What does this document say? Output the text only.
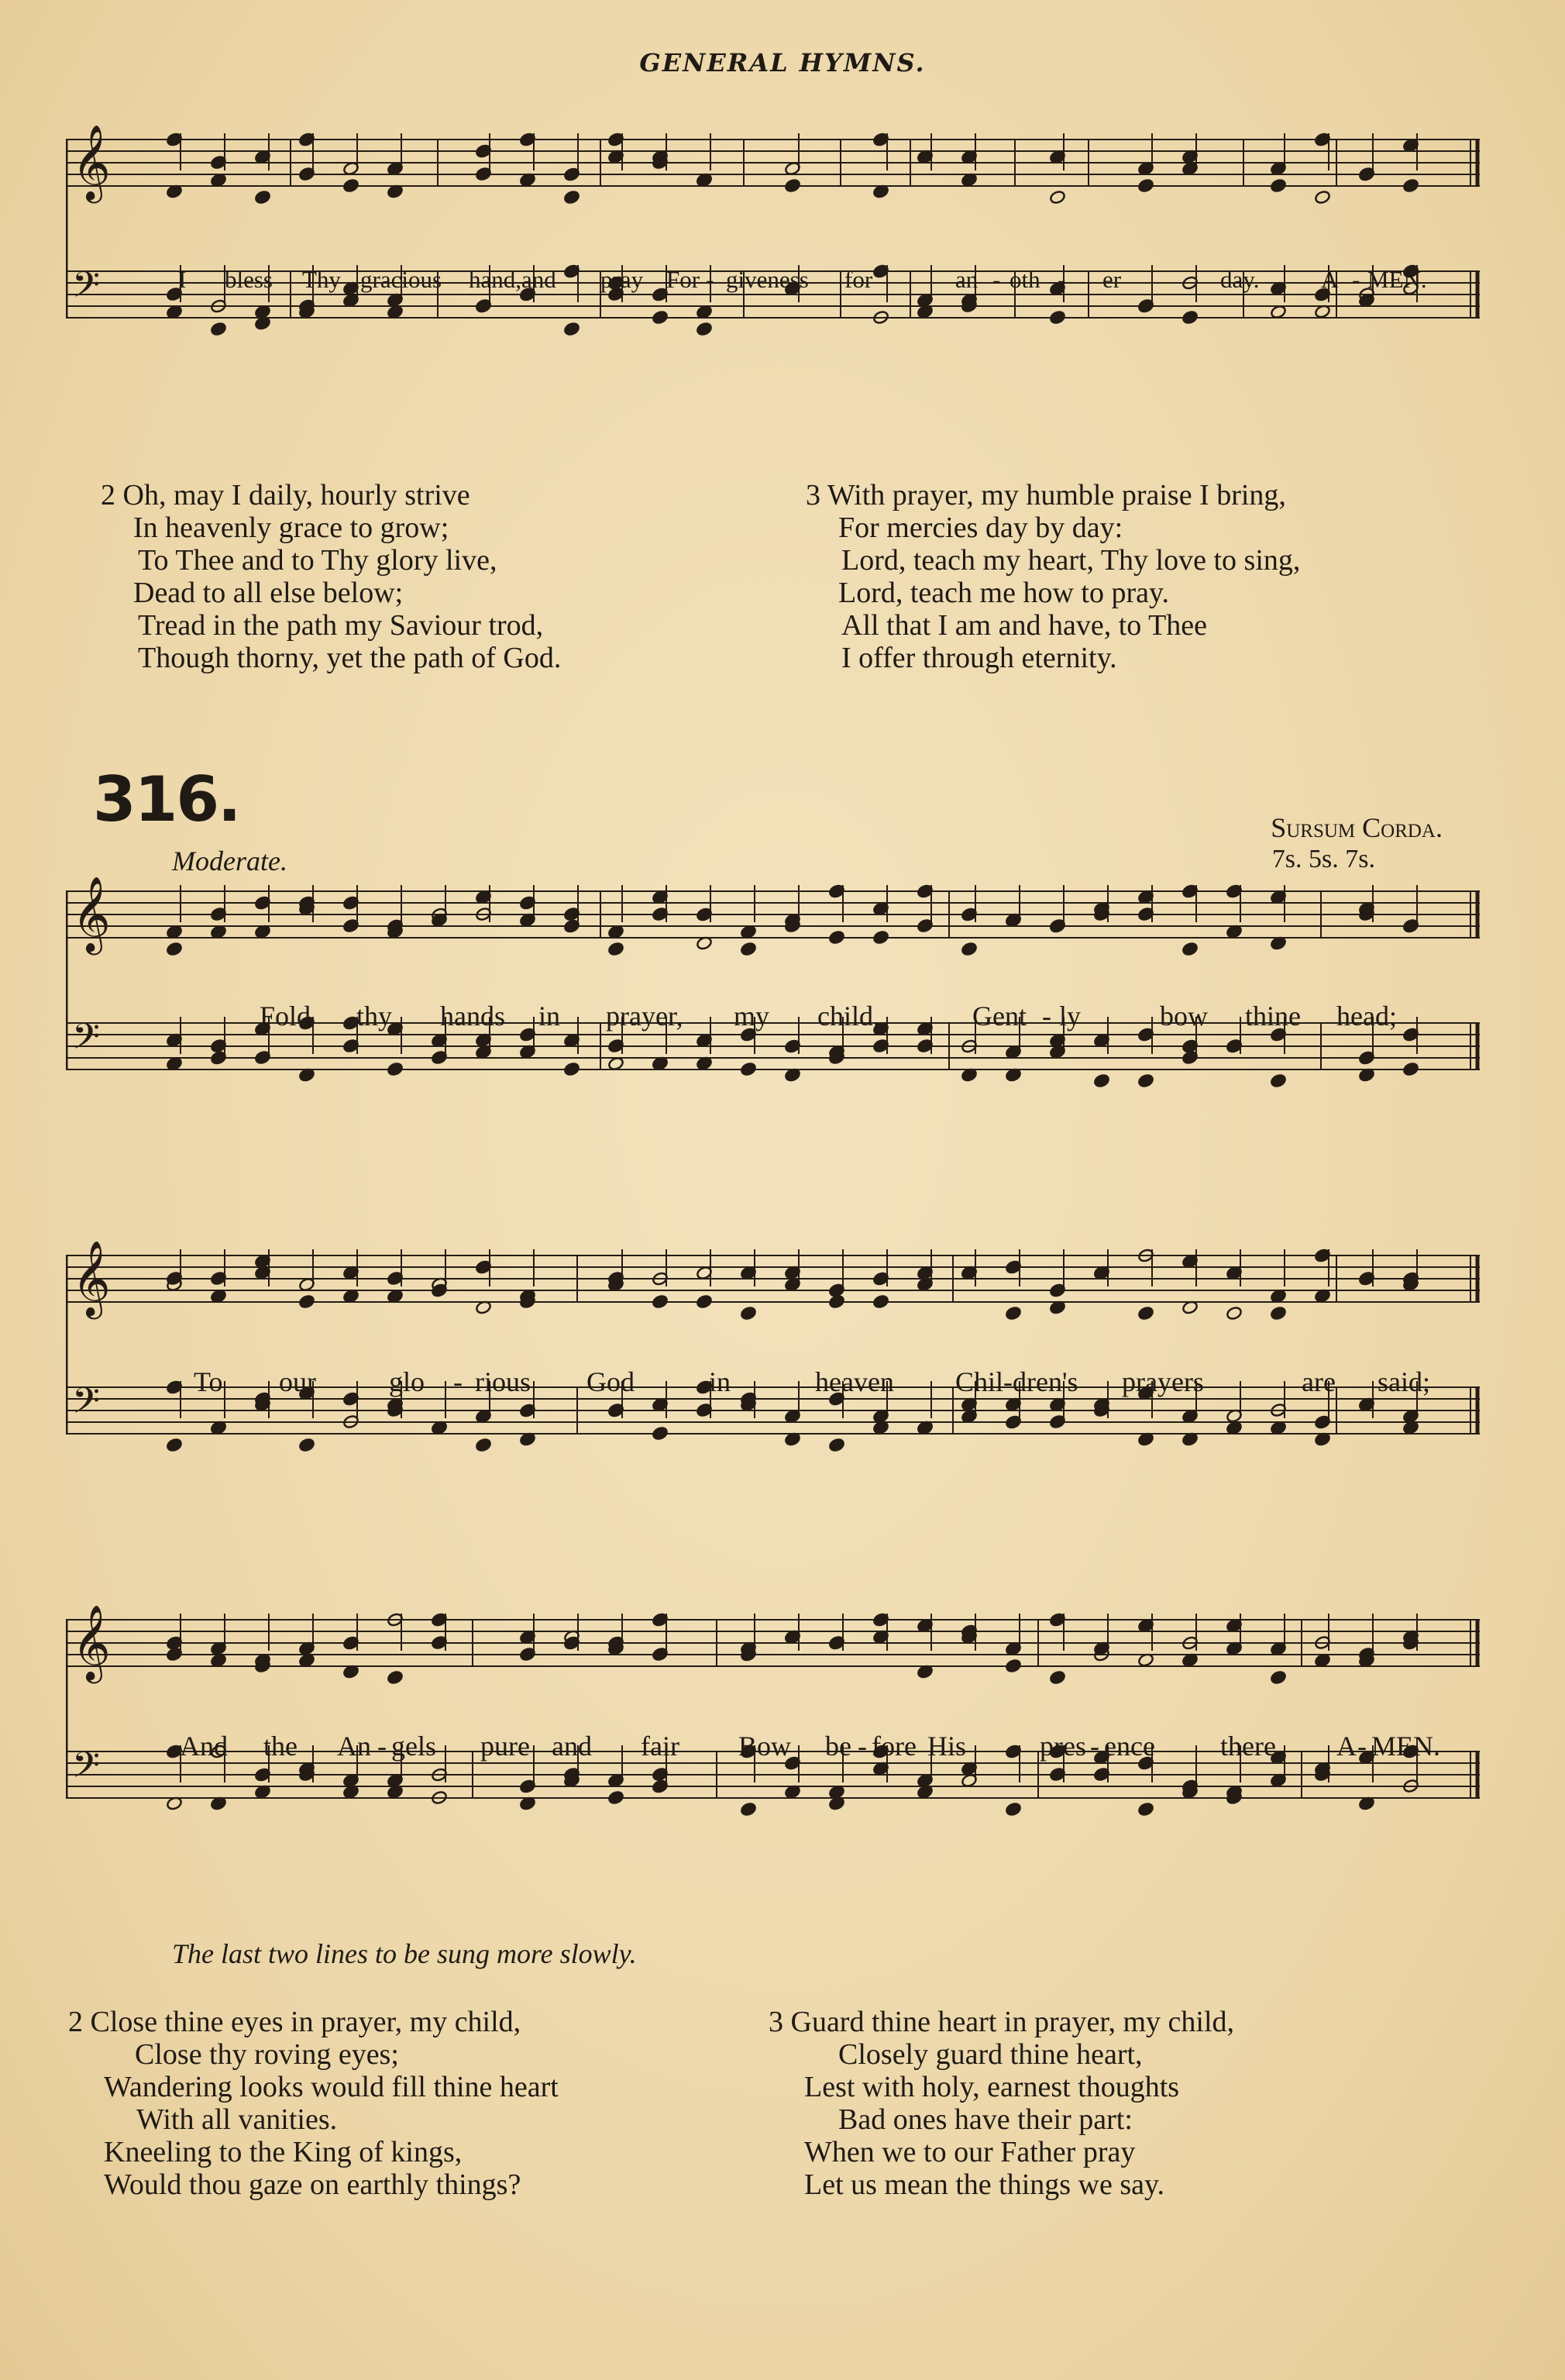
GENERAL HYMNS.
𝄞
𝄢	I bless Thy gracious hand,and pray For - giveness for	an - oth - er	day.	A - MEN.
2 Oh, may I daily, hourly strive
In heavenly grace to grow;
To Thee and to Thy glory live,
Dead to all else below;
Tread in the path my Saviour trod,
Though thorny, yet the path of God.
3 With prayer, my humble praise I bring,
For mercies day by day:
Lord, teach my heart, Thy love to sing,
Lord, teach me how to pray.
All that I am and have, to Thee
I offer through eternity.
316.	Sursum Corda.
7s. 5s. 7s.
Moderate.
𝄞
𝄢	Fold thy hands in prayer, my child,	Gent - ly	bow thine head;
𝄞
𝄢	To our	glo - rious God	in	heaven Chil-dren's prayers	are said;
𝄞
𝄢	And the An - gels pure and fair Bow be - fore His	pres - ence there. A - MEN.
The last two lines to be sung more slowly.
2 Close thine eyes in prayer, my child,
Close thy roving eyes;
Wandering looks would fill thine heart
With all vanities.
Kneeling to the King of kings,
Would thou gaze on earthly things?
3 Guard thine heart in prayer, my child,
Closely guard thine heart,
Lest with holy, earnest thoughts
Bad ones have their part:
When we to our Father pray
Let us mean the things we say.
